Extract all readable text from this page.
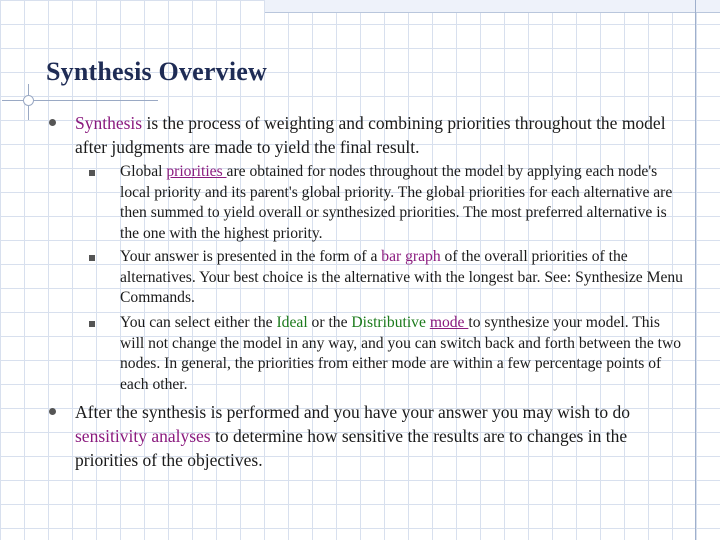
Synthesis Overview
Synthesis is the process of weighting and combining priorities throughout the model after judgments are made to yield the final result.
Global priorities are obtained for nodes throughout the model by applying each node's local priority and its parent's global priority. The global priorities for each alternative are then summed to yield overall or synthesized priorities. The most preferred alternative is the one with the highest priority.
Your answer is presented in the form of a bar graph of the overall priorities of the alternatives. Your best choice is the alternative with the longest bar. See: Synthesize Menu Commands.
You can select either the Ideal or the Distributive mode to synthesize your model. This will not change the model in any way, and you can switch back and forth between the two nodes. In general, the priorities from either mode are within a few percentage points of each other.
After the synthesis is performed and you have your answer you may wish to do sensitivity analyses to determine how sensitive the results are to changes in the priorities of the objectives.
